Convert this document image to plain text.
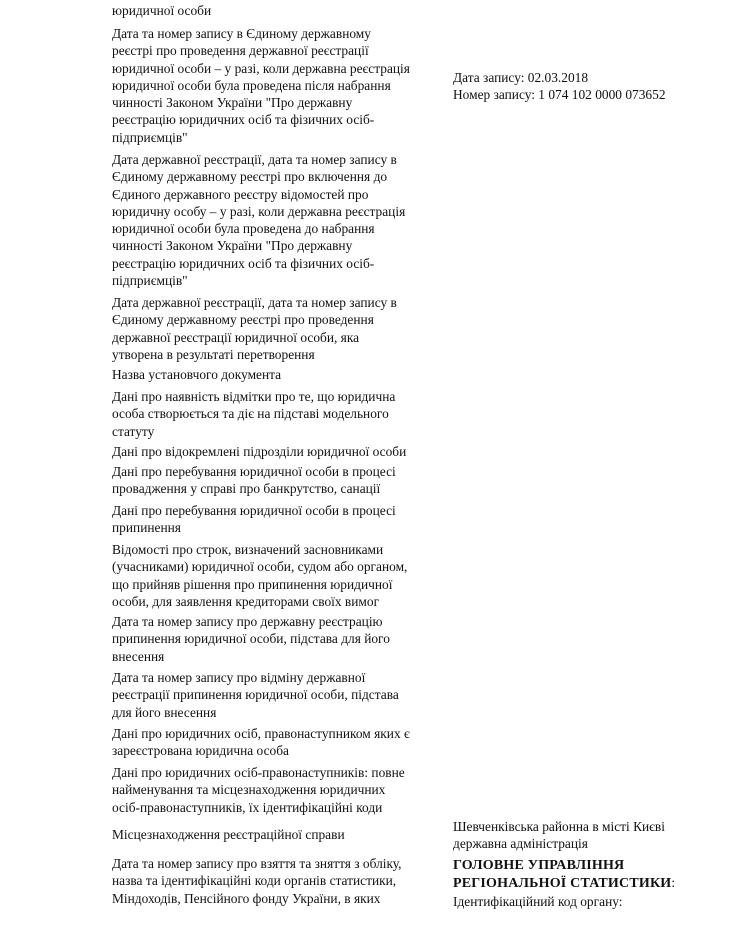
юридичної особи
Дата та номер запису в Єдиному державному
реєстрі про проведення державної реєстрації
юридичної особи – у разі, коли державна реєстрація
юридичної особи була проведена після набрання
чинності Законом України "Про державну
реєстрацію юридичних осіб та фізичних осіб-
підприємців"
Дата запису: 02.03.2018
Номер запису: 1 074 102 0000 073652
Дата державної реєстрації, дата та номер запису в
Єдиному державному реєстрі про включення до
Єдиного державного реєстру відомостей про
юридичну особу – у разі, коли державна реєстрація
юридичної особи була проведена до набрання
чинності Законом України "Про державну
реєстрацію юридичних осіб та фізичних осіб-
підприємців"
Дата державної реєстрації, дата та номер запису в
Єдиному державному реєстрі про проведення
державної реєстрації юридичної особи, яка
утворена в результаті перетворення
Назва установчого документа
Дані про наявність відмітки про те, що юридична
особа створюється та діє на підставі модельного
статуту
Дані про відокремлені підрозділи юридичної особи
Дані про перебування юридичної особи в процесі
провадження у справі про банкрутство, санації
Дані про перебування юридичної особи в процесі
припинення
Відомості про строк, визначений засновниками
(учасниками) юридичної особи, судом або органом,
що прийняв рішення про припинення юридичної
особи, для заявлення кредиторами своїх вимог
Дата та номер запису про державну реєстрацію
припинення юридичної особи, підстава для його
внесення
Дата та номер запису про відміну державної
реєстрації припинення юридичної особи, підстава
для його внесення
Дані про юридичних осіб, правонаступником яких є
зареєстрована юридична особа
Дані про юридичних осіб-правонаступників: повне
найменування та місцезнаходження юридичних
осіб-правонаступників, їх ідентифікаційні коди
Місцезнаходження реєстраційної справи
Шевченківська районна в місті Києві
державна адміністрація
Дата та номер запису про взяття та зняття з обліку,
назва та ідентифікаційні коди органів статистики,
Міндоходів, Пенсійного фонду України, в яких
ГОЛОВНЕ УПРАВЛІННЯ
РЕГІОНАЛЬНОЇ СТАТИСТИКИ:
Ідентифікаційний код органу:
